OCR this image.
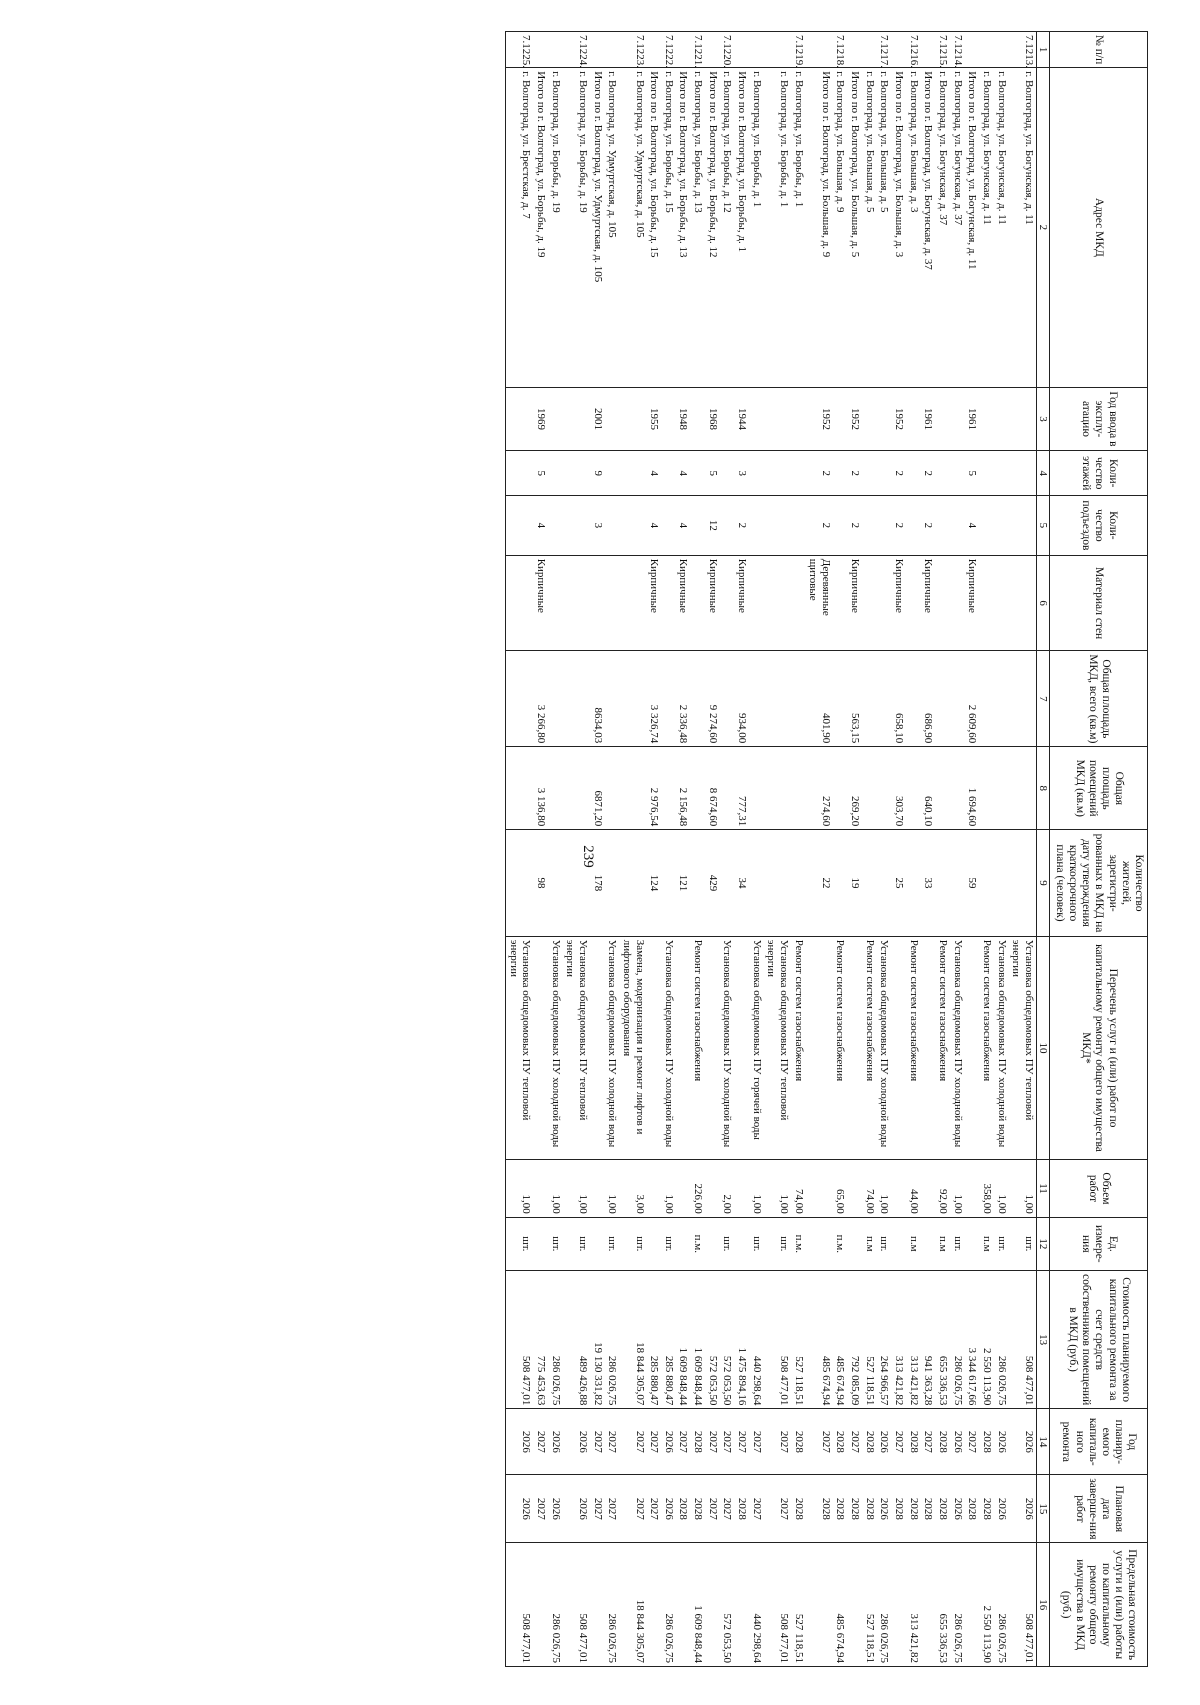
239
№ п/п	Адрес МКД	Год ввода в эксплу-атацию	Коли-чество этажей	Коли-чество подъездов	Материал стен	Общая площадь МКД, всего (кв.м)	Общая площадь помещений МКД (кв.м)	Количество жителей, зарегистри-рованных в МКД на дату утверждения краткосрочного плана (человек)	Перечень услуг и (или) работ по капитальному ремонту общего имущества МКД*	Объем работ	Ед. измере-ния	Стоимость планируемого капитального ремонта за счет средств собственников помещений в МКД (руб.)	Год планиру-емого капиталь-ного ремонта	Плановая дата заверше-ния работ	Предельная стоимость услуги и (или) работы по капитальному ремонту общего имущества в МКД (руб.)
1	2	3	4	5	6	7	8	9	10	11	12	13	14	15	16
7.1213.	г. Волгоград, ул. Богунская, д. 11								Установка общедомовых ПУ тепловой энергии	1,00	шт.	508 477,01	2026	2026	508 477,01
	г. Волгоград, ул. Богунская, д. 11								Установка общедомовых ПУ холодной воды	1,00	шт.	286 026,75	2026	2026	286 026,75
	г. Волгоград, ул. Богунская, д. 11								Ремонт систем газоснабжения	358,00	п.м	2 550 113,90	2028	2028	2 550 113,90
	Итого по г. Волгоград, ул. Богунская, д. 11	1961	5	4	Кирпичные	2 609,60	1 694,60	59				3 344 617,66	2027	2028	
7.1214.	г. Волгоград, ул. Богунская, д. 37								Установка общедомовых ПУ холодной воды	1,00	шт.	286 026,75	2026	2026	286 026,75
7.1215.	г. Волгоград, ул. Богунская, д. 37								Ремонт систем газоснабжения	92,00	п.м	655 336,53	2028	2028	655 336,53
	Итого по г. Волгоград, ул. Богунская, д. 37	1961	2	2	Кирпичные	686,90	640,10	33				941 363,28	2027	2028	
7.1216.	г. Волгоград, ул. Большая, д. 3								Ремонт систем газоснабжения	44,00	п.м	313 421,82	2028	2028	313 421,82
	Итого по г. Волгоград, ул. Большая, д. 3	1952	2	2	Кирпичные	658,10	303,70	25				313 421,82	2027	2028	
7.1217.	г. Волгоград, ул. Большая, д. 5								Установка общедомовых ПУ холодной воды	1,00	шт.	264 966,57	2026	2026	286 026,75
	г. Волгоград, ул. Большая, д. 5								Ремонт систем газоснабжения	74,00	п.м	527 118,51	2028	2028	527 118,51
	Итого по г. Волгоград, ул. Большая, д. 5	1952	2	2	Кирпичные	563,15	269,20	19				792 085,09	2027	2028	
7.1218.	г. Волгоград, ул. Большая, д. 9								Ремонт систем газоснабжения	65,00	п.м.	485 674,94	2028	2028	485 674,94
	Итого по г. Волгоград, ул. Большая, д. 9	1952	2	2	Деревянные щитовые	401,90	274,60	22				485 674,94	2027	2028	
7.1219.	г. Волгоград, ул. Борьбы, д. 1								Ремонт систем газоснабжения	74,00	п.м.	527 118,51	2028	2028	527 118,51
	г. Волгоград, ул. Борьбы, д. 1								Установка общедомовых ПУ тепловой энергии	1,00	шт.	508 477,01	2027	2027	508 477,01
	г. Волгоград, ул. Борьбы, д. 1								Установка общедомовых ПУ горячей воды	1,00	шт.	440 298,64	2027	2027	440 298,64
	Итого по г. Волгоград, ул. Борьбы, д. 1	1944	3	2	Кирпичные	934,00	777,31	34				1 475 894,16	2027	2028	
7.1220.	г. Волгоград, ул. Борьбы, д. 12								Установка общедомовых ПУ холодной воды	2,00	шт.	572 053,50	2027	2027	572 053,50
	Итого по г. Волгоград, ул. Борьбы, д. 12	1968	5	12	Кирпичные	9 274,60	8 674,60	429				572 053,50	2027	2027	
7.1221.	г. Волгоград, ул. Борьбы, д. 13								Ремонт систем газоснабжения	226,00	п.м.	1 609 848,44	2028	2028	1 609 848,44
	Итого по г. Волгоград, ул. Борьбы, д. 13	1948	4	4	Кирпичные	2 336,48	2 156,48	121				1 609 848,44	2027	2028	
7.1222.	г. Волгоград, ул. Борьбы, д. 15								Установка общедомовых ПУ холодной воды	1,00	шт.	285 880,47	2026	2026	286 026,75
	Итого по г. Волгоград, ул. Борьбы, д. 15	1955	4	4	Кирпичные	3 326,74	2 976,54	124				285 880,47	2027	2027	
7.1223.	г. Волгоград, ул. Удмуртская, д. 105								Замена, модернизация и ремонт лифтов и лифтового оборудования	3,00	шт.	18 844 305,07	2027	2027	18 844 305,07
	г. Волгоград, ул. Удмуртская, д. 105								Установка общедомовых ПУ холодной воды	1,00	шт.	286 026,75	2027	2027	286 026,75
	Итого по г. Волгоград, ул. Удмуртская, д. 105	2001	9	3		8634,03	6871,20	178				19 130 331,82	2027	2027	
7.1224.	г. Волгоград, ул. Борьбы, д. 19								Установка общедомовых ПУ тепловой энергии	1,00	шт.	489 426,88	2026	2026	508 477,01
	г. Волгоград, ул. Борьбы, д. 19								Установка общедомовых ПУ холодной воды	1,00	шт.	286 026,75	2026	2026	286 026,75
	Итого по г. Волгоград, ул. Борьбы, д. 19	1969	5	4	Кирпичные	3 266,80	3 136,80	98				775 453,63	2027	2027	
7.1225.	г. Волгоград, ул. Брестская, д. 7								Установка общедомовых ПУ тепловой энергии	1,00	шт.	508 477,01	2026	2026	508 477,01
